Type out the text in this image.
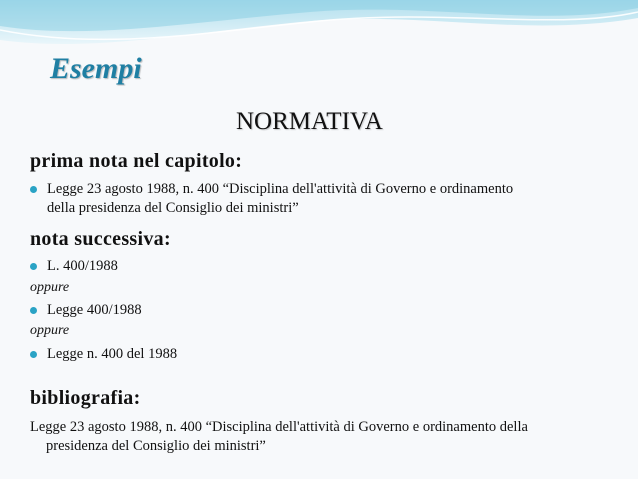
Esempi
NORMATIVA
prima nota nel capitolo:
Legge 23 agosto 1988, n. 400 “Disciplina dell'attività di Governo e ordinamento
della presidenza del Consiglio dei ministri”
nota successiva:
L. 400/1988
oppure
Legge 400/1988
oppure
Legge n. 400 del 1988
bibliografia:
Legge 23 agosto 1988, n. 400 “Disciplina dell'attività di Governo e ordinamento della
presidenza del Consiglio dei ministri”
